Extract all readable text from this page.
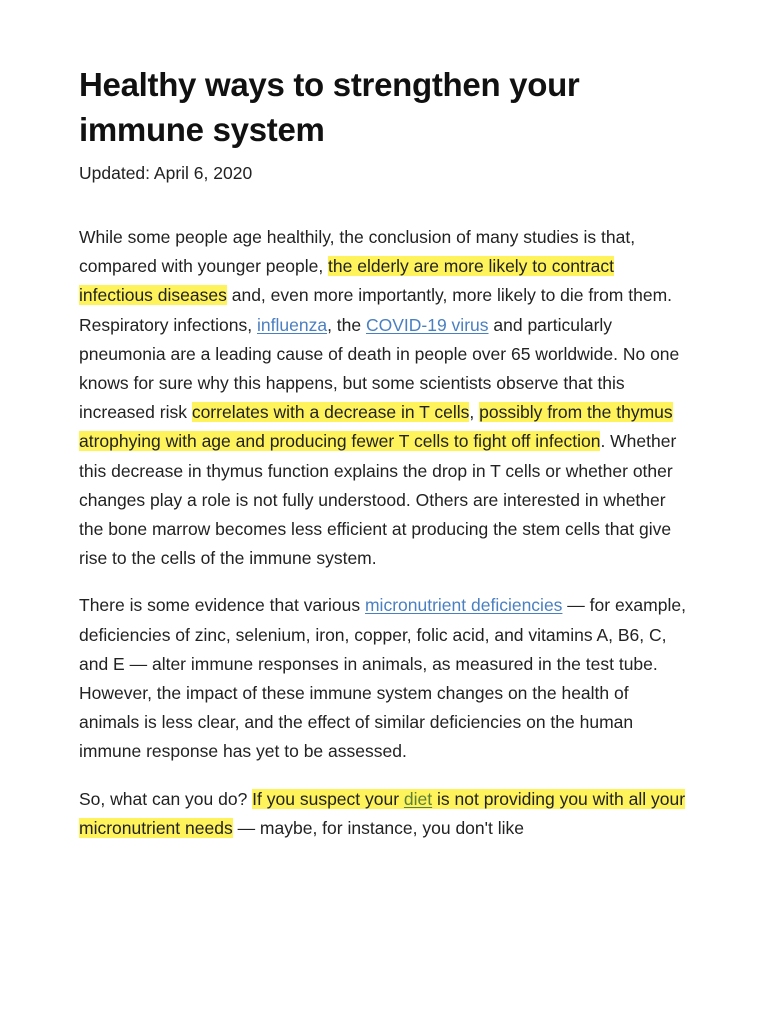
Healthy ways to strengthen your immune system
Updated: April 6, 2020

While some people age healthily, the conclusion of many studies is that, compared with younger people, the elderly are more likely to contract infectious diseases and, even more importantly, more likely to die from them. Respiratory infections, influenza, the COVID-19 virus and particularly pneumonia are a leading cause of death in people over 65 worldwide. No one knows for sure why this happens, but some scientists observe that this increased risk correlates with a decrease in T cells, possibly from the thymus atrophying with age and producing fewer T cells to fight off infection. Whether this decrease in thymus function explains the drop in T cells or whether other changes play a role is not fully understood. Others are interested in whether the bone marrow becomes less efficient at producing the stem cells that give rise to the cells of the immune system.

There is some evidence that various micronutrient deficiencies — for example, deficiencies of zinc, selenium, iron, copper, folic acid, and vitamins A, B6, C, and E — alter immune responses in animals, as measured in the test tube. However, the impact of these immune system changes on the health of animals is less clear, and the effect of similar deficiencies on the human immune response has yet to be assessed.

So, what can you do? If you suspect your diet is not providing you with all your micronutrient needs — maybe, for instance, you don't like
